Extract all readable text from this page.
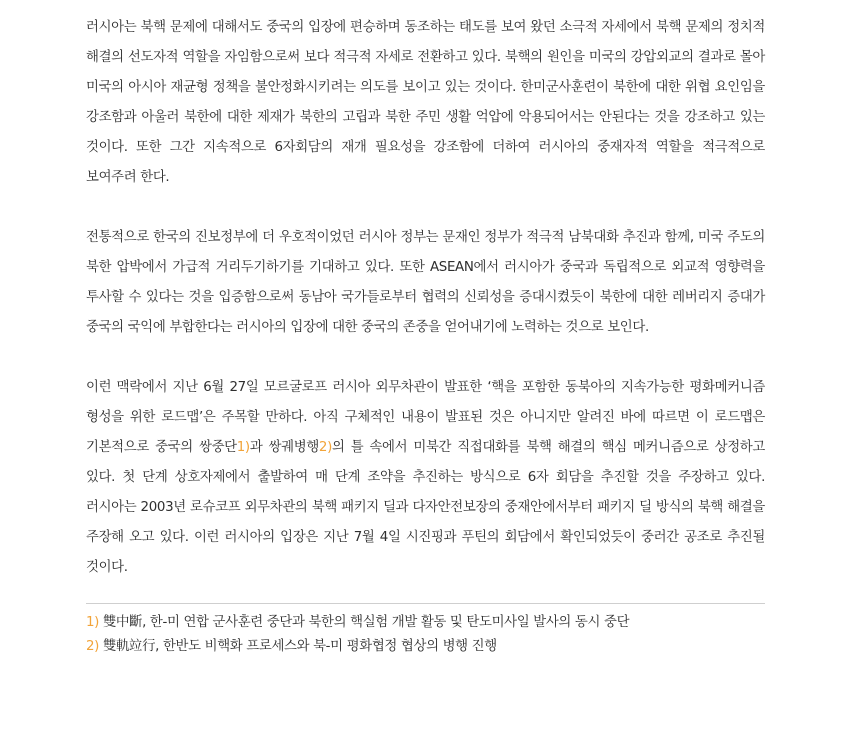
러시아는 북핵 문제에 대해서도 중국의 입장에 편승하며 동조하는 태도를 보여 왔던 소극적 자세에서 북핵 문제의 정치적 해결의 선도자적 역할을 자임함으로써 보다 적극적 자세로 전환하고 있다. 북핵의 원인을 미국의 강압외교의 결과로 몰아 미국의 아시아 재균형 정책을 불안정화시키려는 의도를 보이고 있는 것이다. 한미군사훈련이 북한에 대한 위협 요인임을 강조함과 아울러 북한에 대한 제재가 북한의 고립과 북한 주민 생활 억압에 악용되어서는 안된다는 것을 강조하고 있는 것이다. 또한 그간 지속적으로 6자회담의 재개 필요성을 강조함에 더하여 러시아의 중재자적 역할을 적극적으로 보여주려 한다.

전통적으로 한국의 진보정부에 더 우호적이었던 러시아 정부는 문재인 정부가 적극적 남북대화 추진과 함께, 미국 주도의 북한 압박에서 가급적 거리두기하기를 기대하고 있다. 또한 ASEAN에서 러시아가 중국과 독립적으로 외교적 영향력을 투사할 수 있다는 것을 입증함으로써 동남아 국가들로부터 협력의 신뢰성을 증대시켰듯이 북한에 대한 레버리지 증대가 중국의 국익에 부합한다는 러시아의 입장에 대한 중국의 존중을 얻어내기에 노력하는 것으로 보인다.

이런 맥락에서 지난 6월 27일 모르굴로프 러시아 외무차관이 발표한 ‘핵을 포함한 동북아의 지속가능한 평화메커니즘 형성을 위한 로드맵’은 주목할 만하다. 아직 구체적인 내용이 발표된 것은 아니지만 알려진 바에 따르면 이 로드맵은 기본적으로 중국의 쌍중단1)과 쌍궤병행2)의 틀 속에서 미북간 직접대화를 북핵 해결의 핵심 메커니즘으로 상정하고 있다. 첫 단계 상호자제에서 출발하여 매 단계 조약을 추진하는 방식으로 6자 회담을 추진할 것을 주장하고 있다. 러시아는 2003년 로슈코프 외무차관의 북핵 패키지 딜과 다자안전보장의 중재안에서부터 패키지 딜 방식의 북핵 해결을 주장해 오고 있다. 이런 러시아의 입장은 지난 7월 4일 시진핑과 푸틴의 회담에서 확인되었듯이 중러간 공조로 추진될 것이다.

1) 雙中斷, 한-미 연합 군사훈련 중단과 북한의 핵실험 개발 활동 및 탄도미사일 발사의 동시 중단
2) 雙軌竝行, 한반도 비핵화 프로세스와 북-미 평화협정 협상의 병행 진행
